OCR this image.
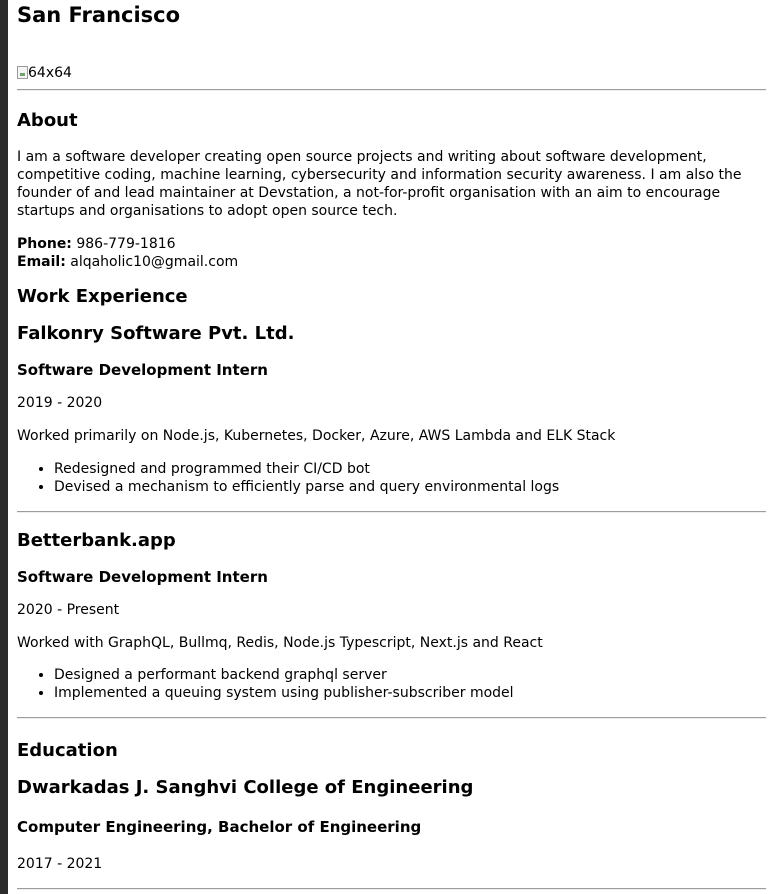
San Francisco
64x64
About

I am a software developer creating open source projects and writing about software development, competitive coding, machine learning, cybersecurity and information security awareness. I am also the founder of and lead maintainer at Devstation, a not-for-profit organisation with an aim to encourage startups and organisations to adopt open source tech.

Phone: 986-779-1816
Email: alqaholic10@gmail.com
Work Experience
Falkonry Software Pvt. Ltd.
Software Development Intern

2019 - 2020

Worked primarily on Node.js, Kubernetes, Docker, Azure, AWS Lambda and ELK Stack

• Redesigned and programmed their CI/CD bot
• Devised a mechanism to efficiently parse and query environmental logs
Betterbank.app
Software Development Intern

2020 - Present

Worked with GraphQL, Bullmq, Redis, Node.js Typescript, Next.js and React

• Designed a performant backend graphql server
• Implemented a queuing system using publisher-subscriber model
Education
Dwarkadas J. Sanghvi College of Engineering
Computer Engineering, Bachelor of Engineering

2017 - 2021
